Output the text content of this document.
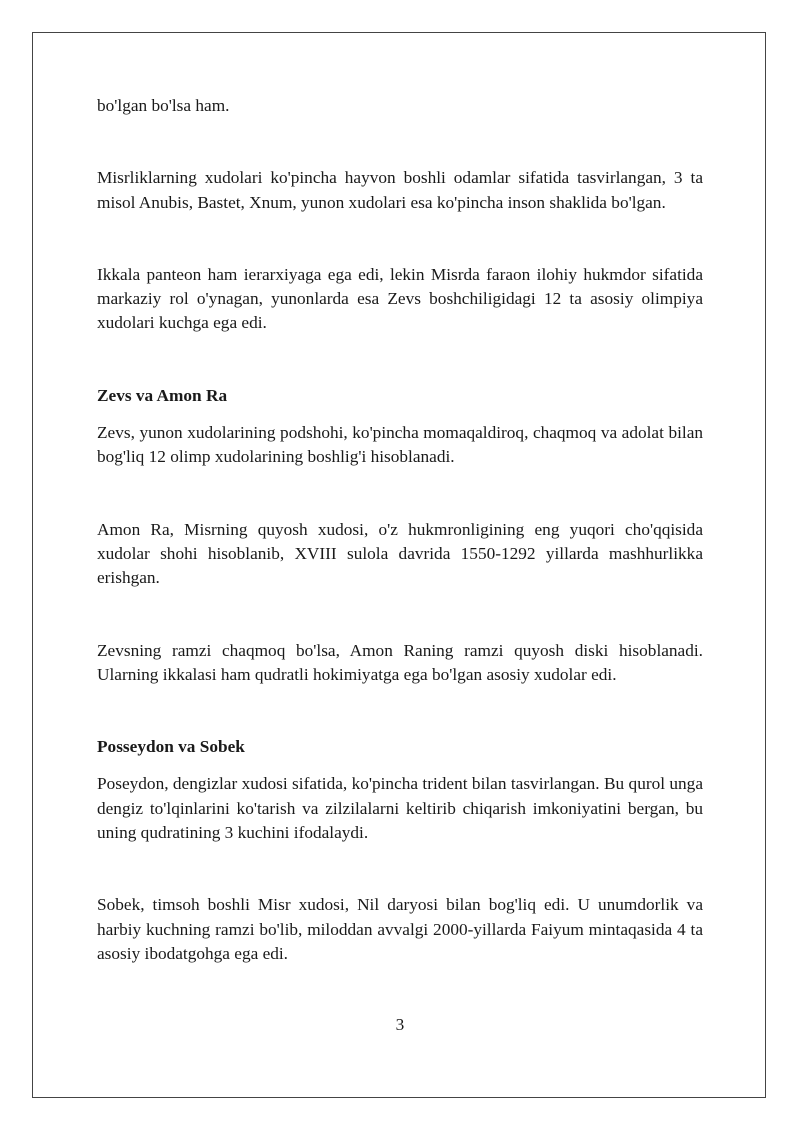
bo'lgan bo'lsa ham.

Misrliklarning xudolari ko'pincha hayvon boshli odamlar sifatida tasvirlangan, 3 ta misol Anubis, Bastet, Xnum, yunon xudolari esa ko'pincha inson shaklida bo'lgan.

Ikkala panteon ham ierarxiyaga ega edi, lekin Misrda faraon ilohiy hukmdor sifatida markaziy rol o'ynagan, yunonlarda esa Zevs boshchiligidagi 12 ta asosiy olimpiya xudolari kuchga ega edi.

Zevs va Amon Ra

Zevs, yunon xudolarining podshohi, ko'pincha momaqaldiroq, chaqmoq va adolat bilan bog'liq 12 olimp xudolarining boshlig'i hisoblanadi.

Amon Ra, Misrning quyosh xudosi, o'z hukmronligining eng yuqori cho'qqisida xudolar shohi hisoblanib, XVIII sulola davrida 1550-1292 yillarda mashhurlikka erishgan.

Zevsning ramzi chaqmoq bo'lsa, Amon Raning ramzi quyosh diski hisoblanadi. Ularning ikkalasi ham qudratli hokimiyatga ega bo'lgan asosiy xudolar edi.

Posseydon va Sobek

Poseydon, dengizlar xudosi sifatida, ko'pincha trident bilan tasvirlangan. Bu qurol unga dengiz to'lqinlarini ko'tarish va zilzilalarni keltirib chiqarish imkoniyatini bergan, bu uning qudratining 3 kuchini ifodalaydi.

Sobek, timsoh boshli Misr xudosi, Nil daryosi bilan bog'liq edi. U unumdorlik va harbiy kuchning ramzi bo'lib, miloddan avvalgi 2000-yillarda Faiyum mintaqasida 4 ta asosiy ibodatgohga ega edi.

3
